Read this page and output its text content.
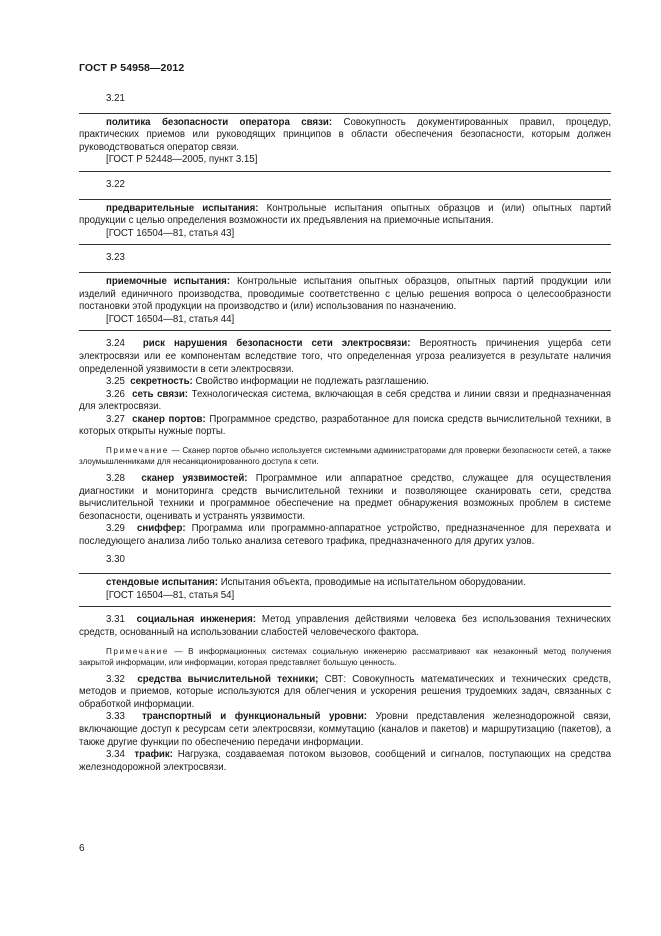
ГОСТ Р 54958—2012

3.21

политика безопасности оператора связи: Совокупность документированных правил, процедур, практических приемов или руководящих принципов в области обеспечения безопасности, которым должен руководствоваться оператор связи.

[ГОСТ Р 52448—2005, пункт 3.15]

3.22

предварительные испытания: Контрольные испытания опытных образцов и (или) опытных партий продукции с целью определения возможности их предъявления на приемочные испытания.

[ГОСТ 16504—81, статья 43]

3.23

приемочные испытания: Контрольные испытания опытных образцов, опытных партий продукции или изделий единичного производства, проводимые соответственно с целью решения вопроса о целесообразности постановки этой продукции на производство и (или) использования по назначению.

[ГОСТ 16504—81, статья 44]

3.24 риск нарушения безопасности сети электросвязи: Вероятность причинения ущерба сети электросвязи или ее компонентам вследствие того, что определенная угроза реализуется в результате наличия определенной уязвимости в сети электросвязи.

3.25 секретность: Свойство информации не подлежать разглашению.

3.26 сеть связи: Технологическая система, включающая в себя средства и линии связи и предназначенная для электросвязи.

3.27 сканер портов: Программное средство, разработанное для поиска средств вычислительной техники, в которых открыты нужные порты.

Примечание — Сканер портов обычно используется системными администраторами для проверки безопасности сетей, а также злоумышленниками для несанкционированного доступа к сети.

3.28 сканер уязвимостей: Программное или аппаратное средство, служащее для осуществления диагностики и мониторинга средств вычислительной техники и позволяющее сканировать сети, средства вычислительной техники и программное обеспечение на предмет обнаружения возможных проблем в системе безопасности, оценивать и устранять уязвимости.

3.29 сниффер: Программа или программно-аппаратное устройство, предназначенное для перехвата и последующего анализа либо только анализа сетевого трафика, предназначенного для других узлов.

3.30

стендовые испытания: Испытания объекта, проводимые на испытательном оборудовании.

[ГОСТ 16504—81, статья 54]

3.31 социальная инженерия: Метод управления действиями человека без использования технических средств, основанный на использовании слабостей человеческого фактора.

Примечание — В информационных системах социальную инженерию рассматривают как незаконный метод получения закрытой информации, или информации, которая представляет большую ценность.

3.32 средства вычислительной техники; СВТ: Совокупность математических и технических средств, методов и приемов, которые используются для облегчения и ускорения решения трудоемких задач, связанных с обработкой информации.

3.33 транспортный и функциональный уровни: Уровни представления железнодорожной связи, включающие доступ к ресурсам сети электросвязи, коммутацию (каналов и пакетов) и маршрутизацию (пакетов), а также другие функции по обеспечению передачи информации.

3.34 трафик: Нагрузка, создаваемая потоком вызовов, сообщений и сигналов, поступающих на средства железнодорожной электросвязи.

6
